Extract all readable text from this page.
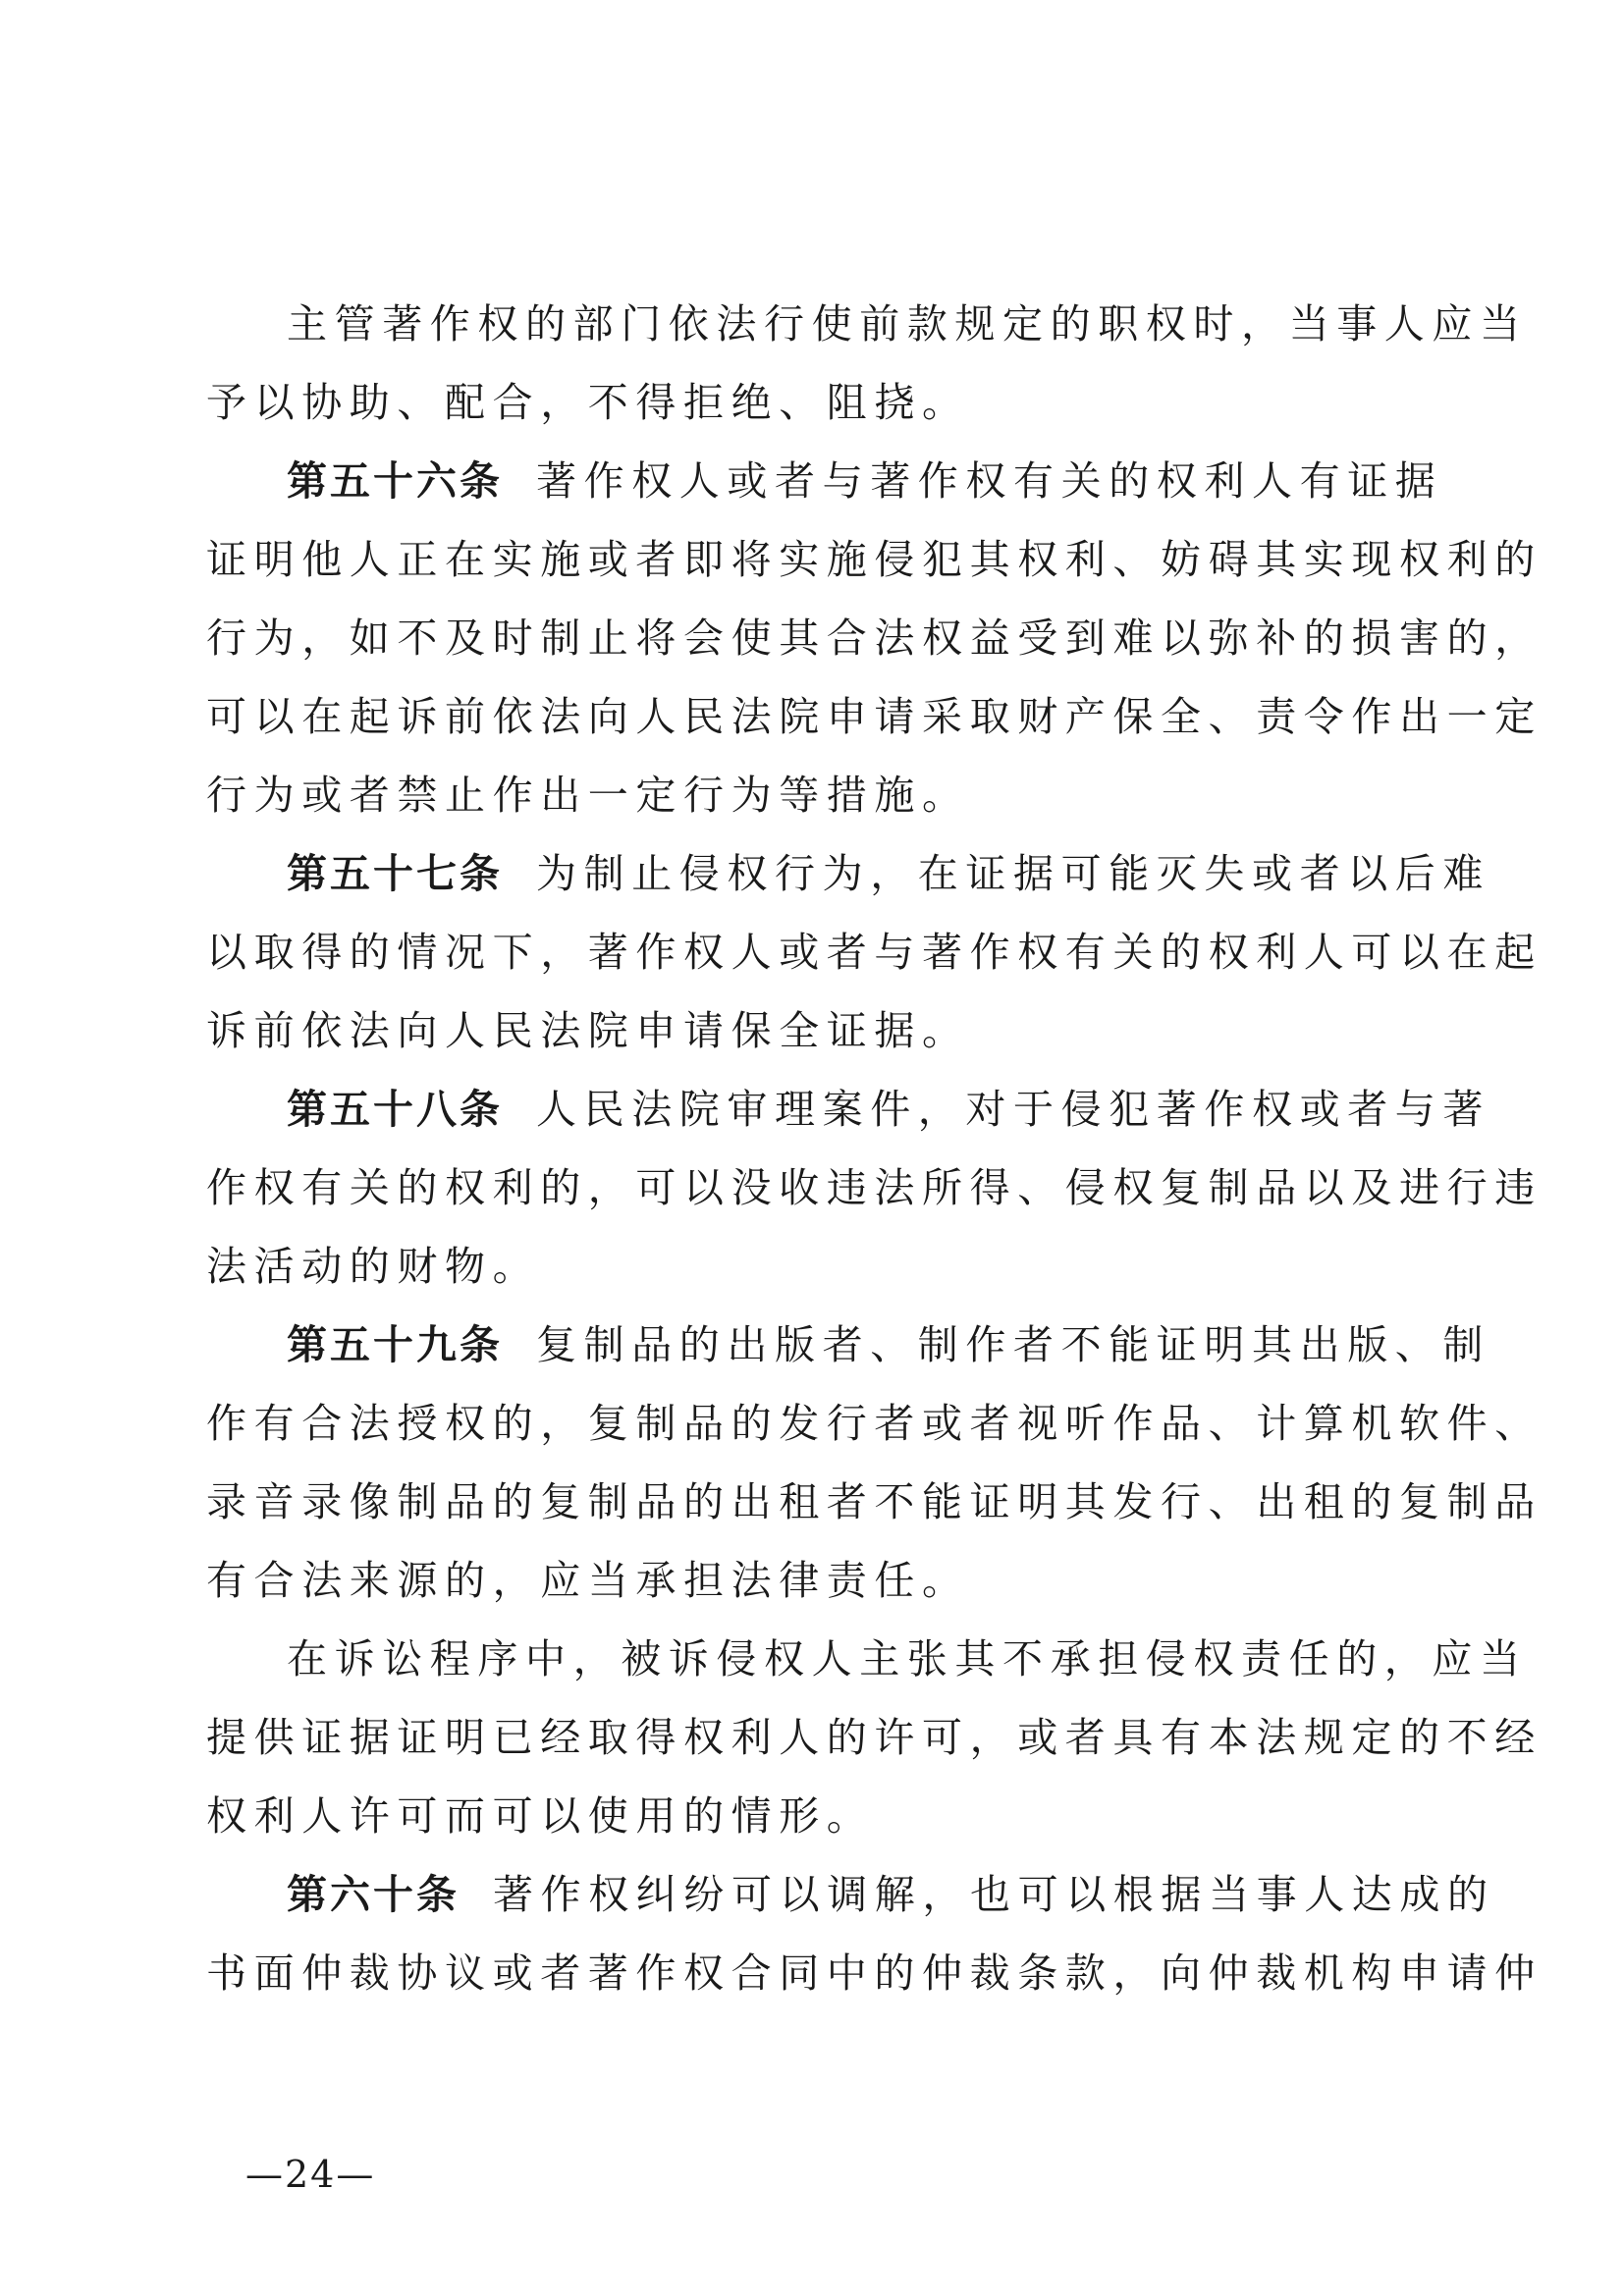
主管著作权的部门依法行使前款规定的职权时，当事人应当
予以协助、配合，不得拒绝、阻挠。
第五十六条 著作权人或者与著作权有关的权利人有证据
证明他人正在实施或者即将实施侵犯其权利、妨碍其实现权利的
行为，如不及时制止将会使其合法权益受到难以弥补的损害的，
可以在起诉前依法向人民法院申请采取财产保全、责令作出一定
行为或者禁止作出一定行为等措施。
第五十七条 为制止侵权行为，在证据可能灭失或者以后难
以取得的情况下，著作权人或者与著作权有关的权利人可以在起
诉前依法向人民法院申请保全证据。
第五十八条 人民法院审理案件，对于侵犯著作权或者与著
作权有关的权利的，可以没收违法所得、侵权复制品以及进行违
法活动的财物。
第五十九条 复制品的出版者、制作者不能证明其出版、制
作有合法授权的，复制品的发行者或者视听作品、计算机软件、
录音录像制品的复制品的出租者不能证明其发行、出租的复制品
有合法来源的，应当承担法律责任。
在诉讼程序中，被诉侵权人主张其不承担侵权责任的，应当
提供证据证明已经取得权利人的许可，或者具有本法规定的不经
权利人许可而可以使用的情形。
第六十条 著作权纠纷可以调解，也可以根据当事人达成的
书面仲裁协议或者著作权合同中的仲裁条款，向仲裁机构申请仲
—24—
